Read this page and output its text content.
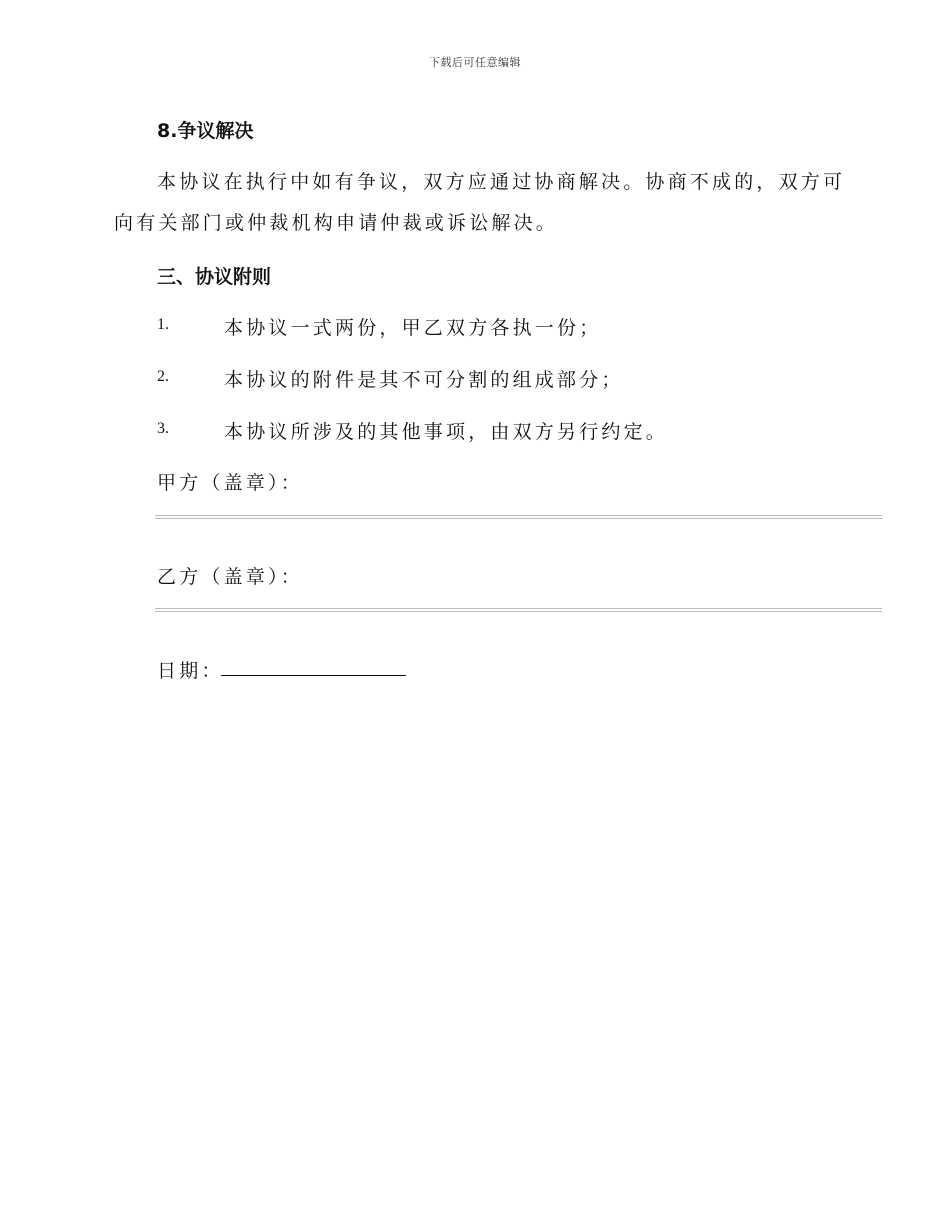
下载后可任意编辑
8.争议解决
本协议在执行中如有争议，双方应通过协商解决。协商不成的，双方可
向有关部门或仲裁机构申请仲裁或诉讼解决。
三、协议附则
1.	本协议一式两份，甲乙双方各执一份；
2.	本协议的附件是其不可分割的组成部分；
3.	本协议所涉及的其他事项，由双方另行约定。
甲方（盖章）：
乙方（盖章）：
日期：
